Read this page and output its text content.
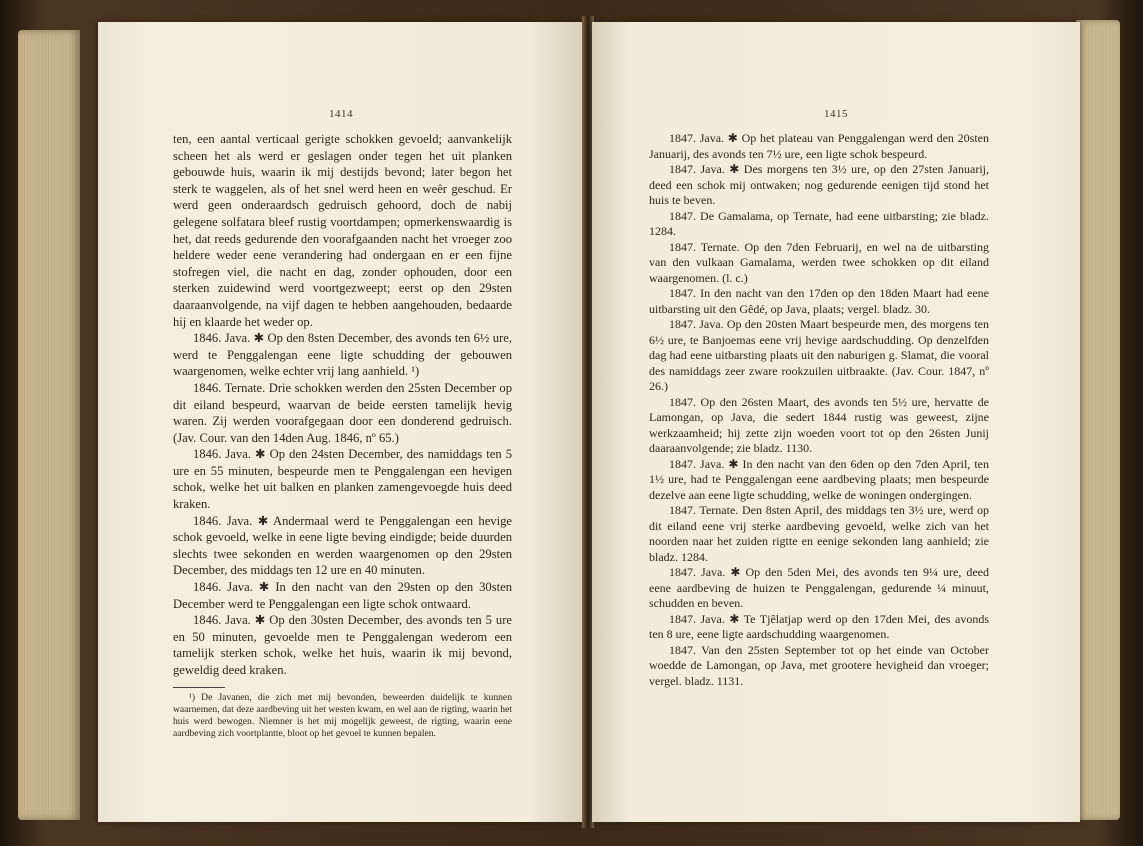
1414

ten, een aantal verticaal gerigte schokken gevoeld; aanvankelijk scheen het als werd er geslagen onder tegen het uit planken gebouwde huis, waarin ik mij destijds bevond; later begon het sterk te waggelen, als of het snel werd heen en weêr geschud. Er werd geen onderaardsch gedruisch gehoord, doch de nabij gelegene solfatara bleef rustig voortdampen; opmerkenswaardig is het, dat reeds gedurende den voorafgaanden nacht het vroeger zoo heldere weder eene verandering had ondergaan en er een fijne stofregen viel, die nacht en dag, zonder ophouden, door een sterken zuidewind werd voortgezweept; eerst op den 29sten daaraanvolgende, na vijf dagen te hebben aangehouden, bedaarde hij en klaarde het weder op.

1846. Java. ✱ Op den 8sten December, des avonds ten 6½ ure, werd te Penggalengan eene ligte schudding der gebouwen waargenomen, welke echter vrij lang aanhield. ¹)

1846. Ternate. Drie schokken werden den 25sten December op dit eiland bespeurd, waarvan de beide eersten tamelijk hevig waren. Zij werden voorafgegaan door een donderend gedruisch. (Jav. Cour. van den 14den Aug. 1846, nº 65.)

1846. Java. ✱ Op den 24sten December, des namiddags ten 5 ure en 55 minuten, bespeurde men te Penggalengan een hevigen schok, welke het uit balken en planken zamengevoegde huis deed kraken.

1846. Java. ✱ Andermaal werd te Penggalengan een hevige schok gevoeld, welke in eene ligte beving eindigde; beide duurden slechts twee sekonden en werden waargenomen op den 29sten December, des middags ten 12 ure en 40 minuten.

1846. Java. ✱ In den nacht van den 29sten op den 30sten December werd te Penggalengan een ligte schok ontwaard.

1846. Java. ✱ Op den 30sten December, des avonds ten 5 ure en 50 minuten, gevoelde men te Penggalengan wederom een tamelijk sterken schok, welke het huis, waarin ik mij bevond, geweldig deed kraken.

¹) De Javanen, die zich met mij bevonden, beweerden duidelijk te kunnen waarnemen, dat deze aardbeving uit het westen kwam, en wel aan de rigting, waarin het huis werd bewogen. Niemner is het mij mogelijk geweest, de rigting, waarin eene aardbeving zich voortplantte, bloot op het gevoel te kunnen bepalen.

1415

1847. Java. ✱ Op het plateau van Penggalengan werd den 20sten Januarij, des avonds ten 7½ ure, een ligte schok bespeurd.

1847. Java. ✱ Des morgens ten 3½ ure, op den 27sten Januarij, deed een schok mij ontwaken; nog gedurende eenigen tijd stond het huis te beven.

1847. De Gamalama, op Ternate, had eene uitbarsting; zie bladz. 1284.

1847. Ternate. Op den 7den Februarij, en wel na de uitbarsting van den vulkaan Gamalama, werden twee schokken op dit eiland waargenomen. (l. c.)

1847. In den nacht van den 17den op den 18den Maart had eene uitbarsting uit den Gêdé, op Java, plaats; vergel. bladz. 30.

1847. Java. Op den 20sten Maart bespeurde men, des morgens ten 6½ ure, te Banjoemas eene vrij hevige aardschudding. Op denzelfden dag had eene uitbarsting plaats uit den naburigen g. Slamat, die vooral des namiddags zeer zware rookzuilen uitbraakte. (Jav. Cour. 1847, nº 26.)

1847. Op den 26sten Maart, des avonds ten 5½ ure, hervatte de Lamongan, op Java, die sedert 1844 rustig was geweest, zijne werkzaamheid; hij zette zijn woeden voort tot op den 26sten Junij daaraanvolgende; zie bladz. 1130.

1847. Java. ✱ In den nacht van den 6den op den 7den April, ten 1½ ure, had te Penggalengan eene aardbeving plaats; men bespeurde dezelve aan eene ligte schudding, welke de woningen ondergingen.

1847. Ternate. Den 8sten April, des middags ten 3½ ure, werd op dit eiland eene vrij sterke aardbeving gevoeld, welke zich van het noorden naar het zuiden rigtte en eenige sekonden lang aanhield; zie bladz. 1284.

1847. Java. ✱ Op den 5den Mei, des avonds ten 9¼ ure, deed eene aardbeving de huizen te Penggalengan, gedurende ¼ minuut, schudden en beven.

1847. Java. ✱ Te Tjêlatjap werd op den 17den Mei, des avonds ten 8 ure, eene ligte aardschudding waargenomen.

1847. Van den 25sten September tot op het einde van October woedde de Lamongan, op Java, met grootere hevigheid dan vroeger; vergel. bladz. 1131.
